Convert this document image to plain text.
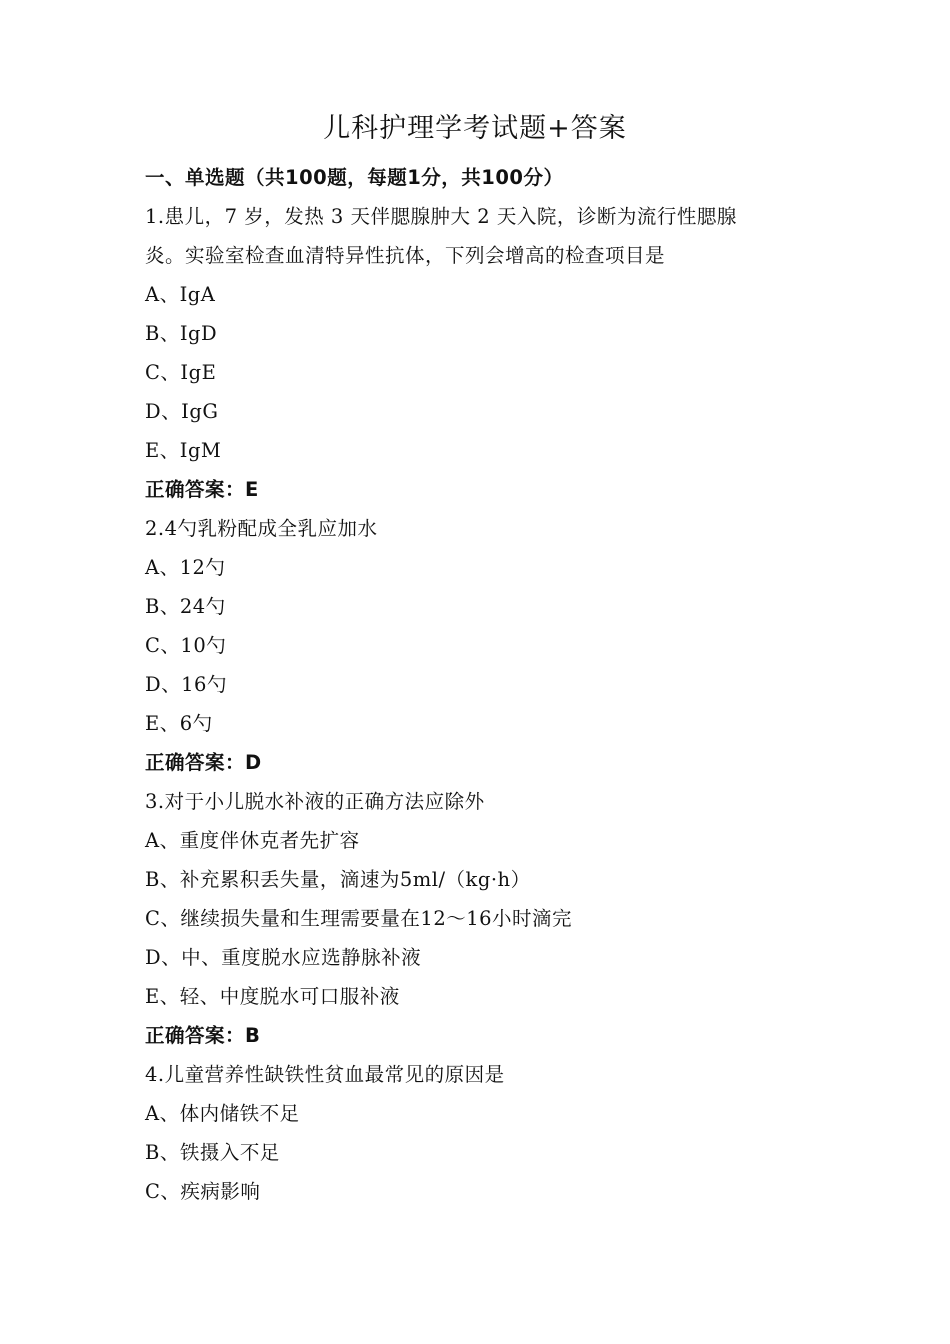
儿科护理学考试题+答案
一、单选题（共100题，每题1分，共100分）
1.患儿，7 岁，发热 3 天伴腮腺肿大 2 天入院，诊断为流行性腮腺
炎。实验室检查血清特异性抗体，下列会增高的检查项目是
A、IgA
B、IgD
C、IgE
D、IgG
E、IgM
正确答案：E
2.4勺乳粉配成全乳应加水
A、12勺
B、24勺
C、10勺
D、16勺
E、6勺
正确答案：D
3.对于小儿脱水补液的正确方法应除外
A、重度伴休克者先扩容
B、补充累积丢失量，滴速为5ml/（kg·h）
C、继续损失量和生理需要量在12～16小时滴完
D、中、重度脱水应选静脉补液
E、轻、中度脱水可口服补液
正确答案：B
4.儿童营养性缺铁性贫血最常见的原因是
A、体内储铁不足
B、铁摄入不足
C、疾病影响
